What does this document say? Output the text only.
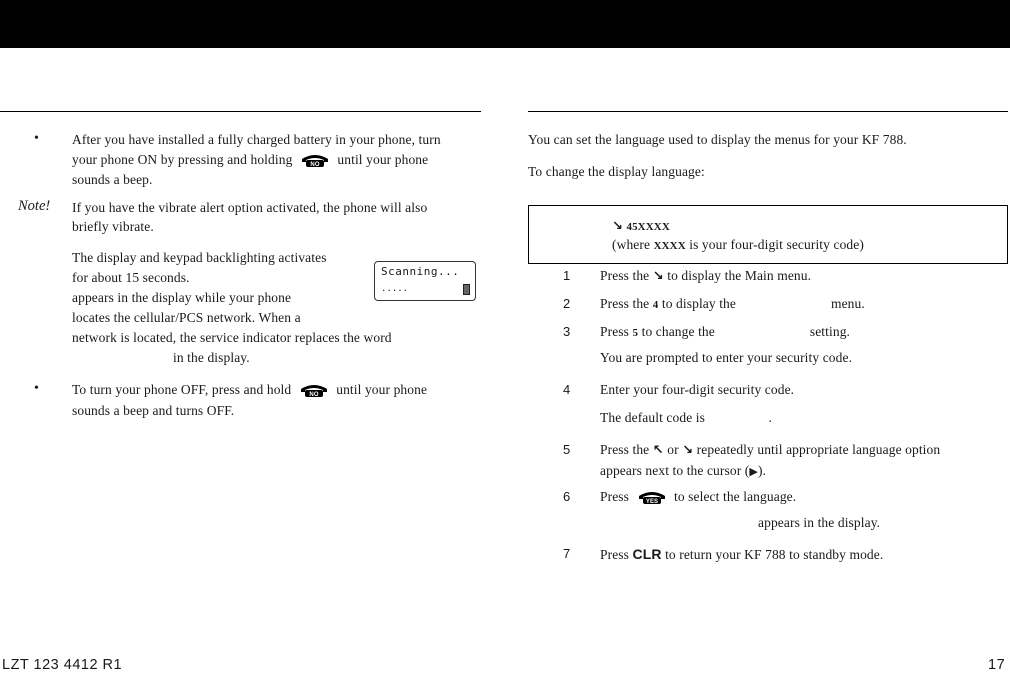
• After you have installed a fully charged battery in your phone, turn
your phone ON by pressing and holding	NO until your phone
sounds a beep.
Note! If you have the vibrate alert option activated, the phone will also
briefly vibrate.
The display and keypad backlighting activates
for about 15 seconds.
appears in the display while your phone
locates the cellular/PCS network. When a
network is located, the service indicator replaces the word
in the display.
Scanning...
.....
• To turn your phone OFF, press and hold	NO until your phone
sounds a beep and turns OFF.
You can set the language used to display the menus for your KF 788.
To change the display language:
↘ 45XXXX
(where XXXX is your four-digit security code)
1 Press the ↘ to display the Main menu.
2 Press the 4 to display the	menu.
3 Press 5 to change the	setting.
You are prompted to enter your security code.
4 Enter your four-digit security code.
The default code is	.
5 Press the ↖ or ↘ repeatedly until appropriate language option
appears next to the cursor (▶).
6 Press	YES to select the language.
appears in the display.
7 Press CLR to return your KF 788 to standby mode.
LZT 123 4412 R1	17
